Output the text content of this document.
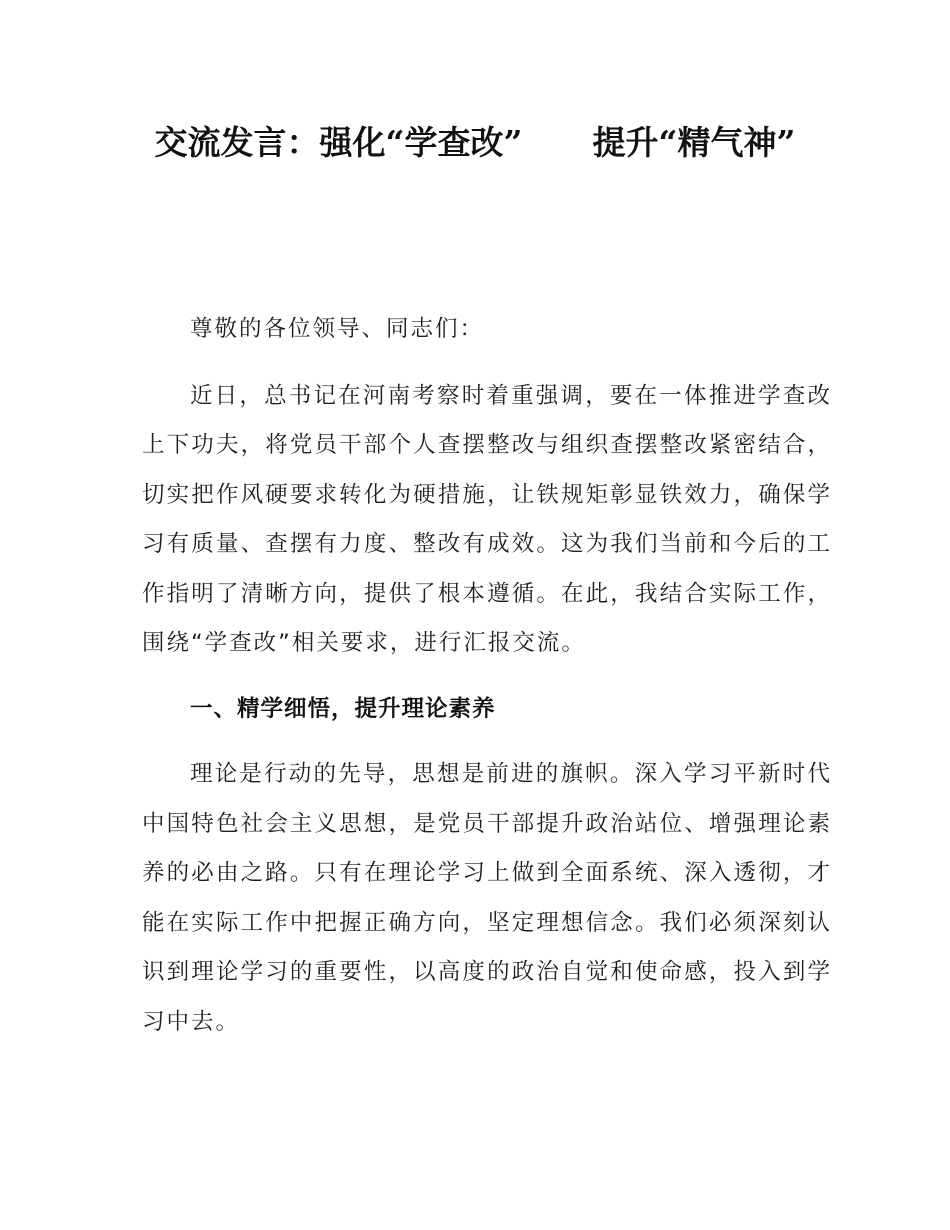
交流发言：强化“学查改” 提升“精气神”

尊敬的各位领导、同志们：

近日，总书记在河南考察时着重强调，要在一体推进学查改上下功夫，将党员干部个人查摆整改与组织查摆整改紧密结合，切实把作风硬要求转化为硬措施，让铁规矩彰显铁效力，确保学习有质量、查摆有力度、整改有成效。这为我们当前和今后的工作指明了清晰方向，提供了根本遵循。在此，我结合实际工作，围绕“学查改”相关要求，进行汇报交流。

一、精学细悟，提升理论素养

理论是行动的先导，思想是前进的旗帜。深入学习平新时代中国特色社会主义思想，是党员干部提升政治站位、增强理论素养的必由之路。只有在理论学习上做到全面系统、深入透彻，才能在实际工作中把握正确方向，坚定理想信念。我们必须深刻认识到理论学习的重要性，以高度的政治自觉和使命感，投入到学习中去。
